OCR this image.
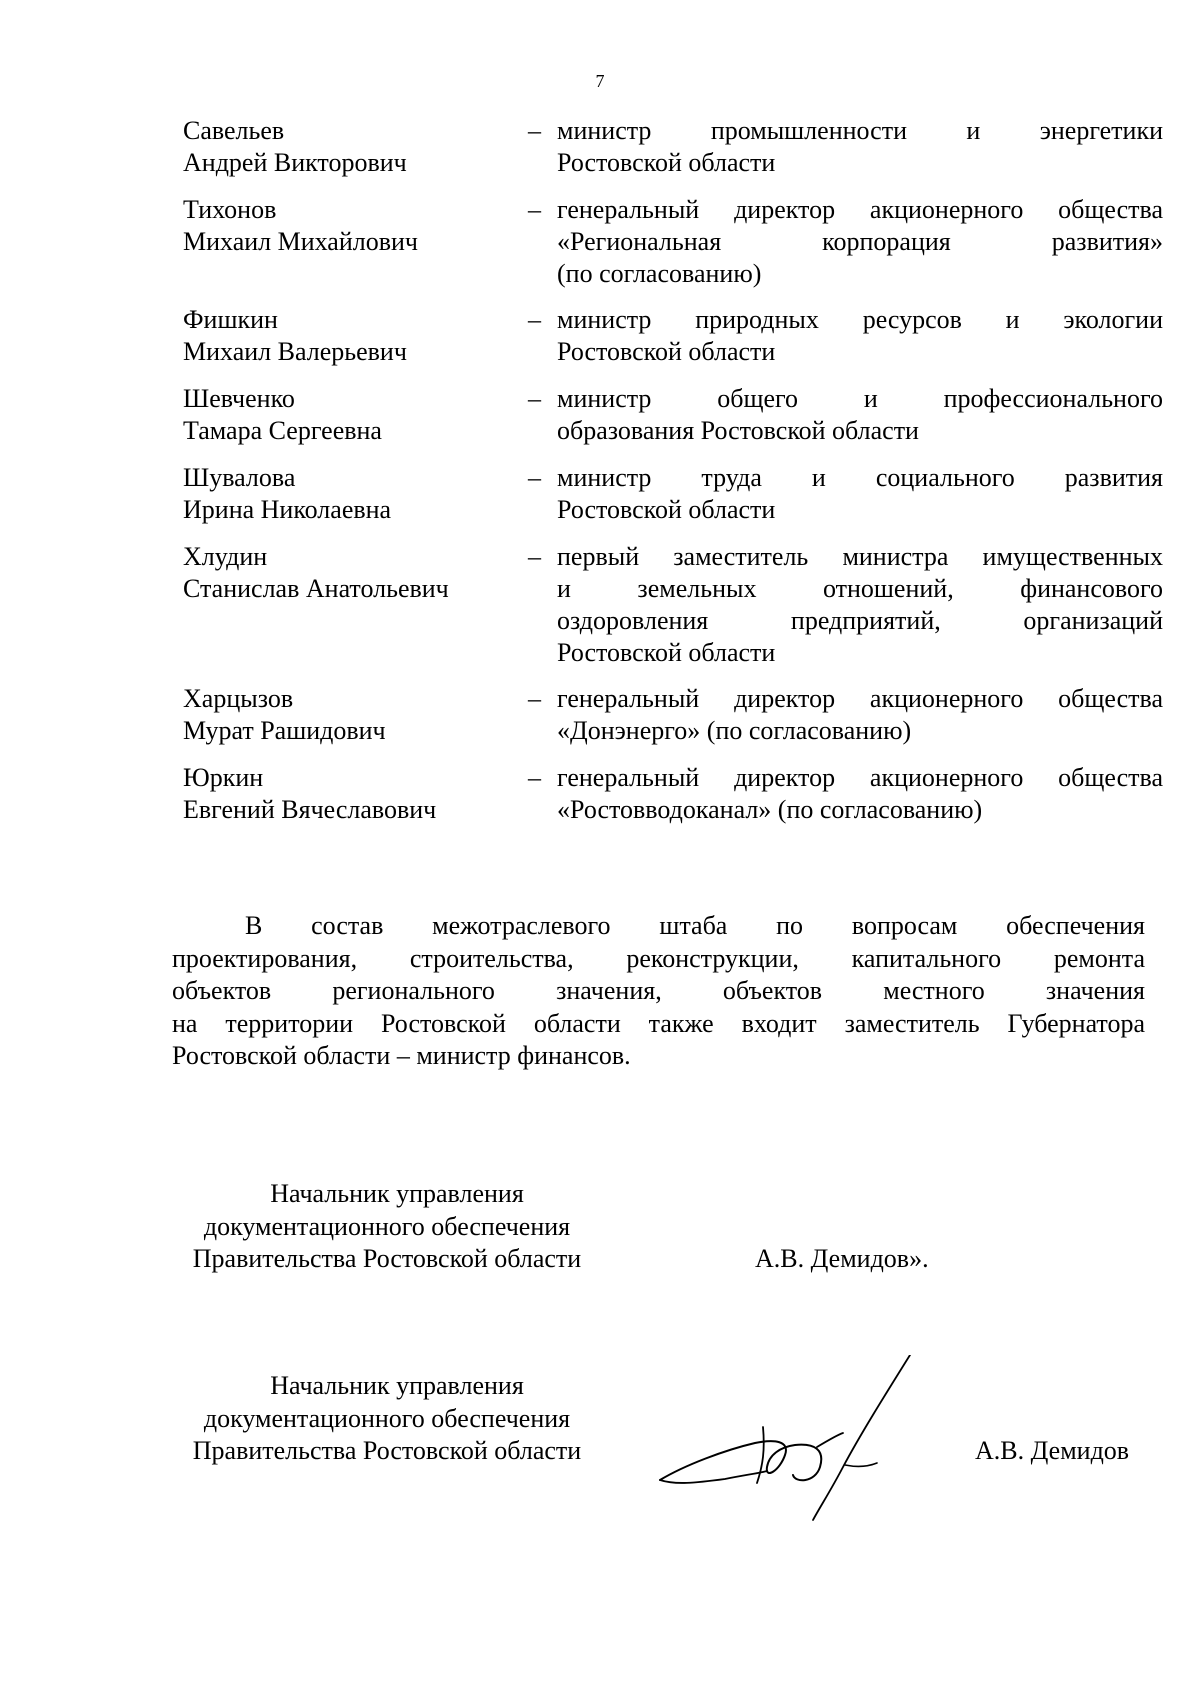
7
Савельев
Андрей Викторович
– министр промышленности и энергетики
Ростовской области
Тихонов
Михаил Михайлович
– генеральный директор акционерного общества
«Региональная корпорация развития»
(по согласованию)
Фишкин
Михаил Валерьевич
– министр природных ресурсов и экологии
Ростовской области
Шевченко
Тамара Сергеевна
– министр общего и профессионального
образования Ростовской области
Шувалова
Ирина Николаевна
– министр труда и социального развития
Ростовской области
Хлудин
Станислав Анатольевич
– первый заместитель министра имущественных
и земельных отношений, финансового
оздоровления предприятий, организаций
Ростовской области
Харцызов
Мурат Рашидович
– генеральный директор акционерного общества
«Донэнерго» (по согласованию)
Юркин
Евгений Вячеславович
– генеральный директор акционерного общества
«Ростовводоканал» (по согласованию)
В состав межотраслевого штаба по вопросам обеспечения
проектирования, строительства, реконструкции, капитального ремонта
объектов регионального значения, объектов местного значения
на территории Ростовской области также входит заместитель Губернатора
Ростовской области – министр финансов.
Начальник управления
документационного обеспечения
Правительства Ростовской области	А.В. Демидов».
Начальник управления
документационного обеспечения
Правительства Ростовской области	А.В. Демидов
